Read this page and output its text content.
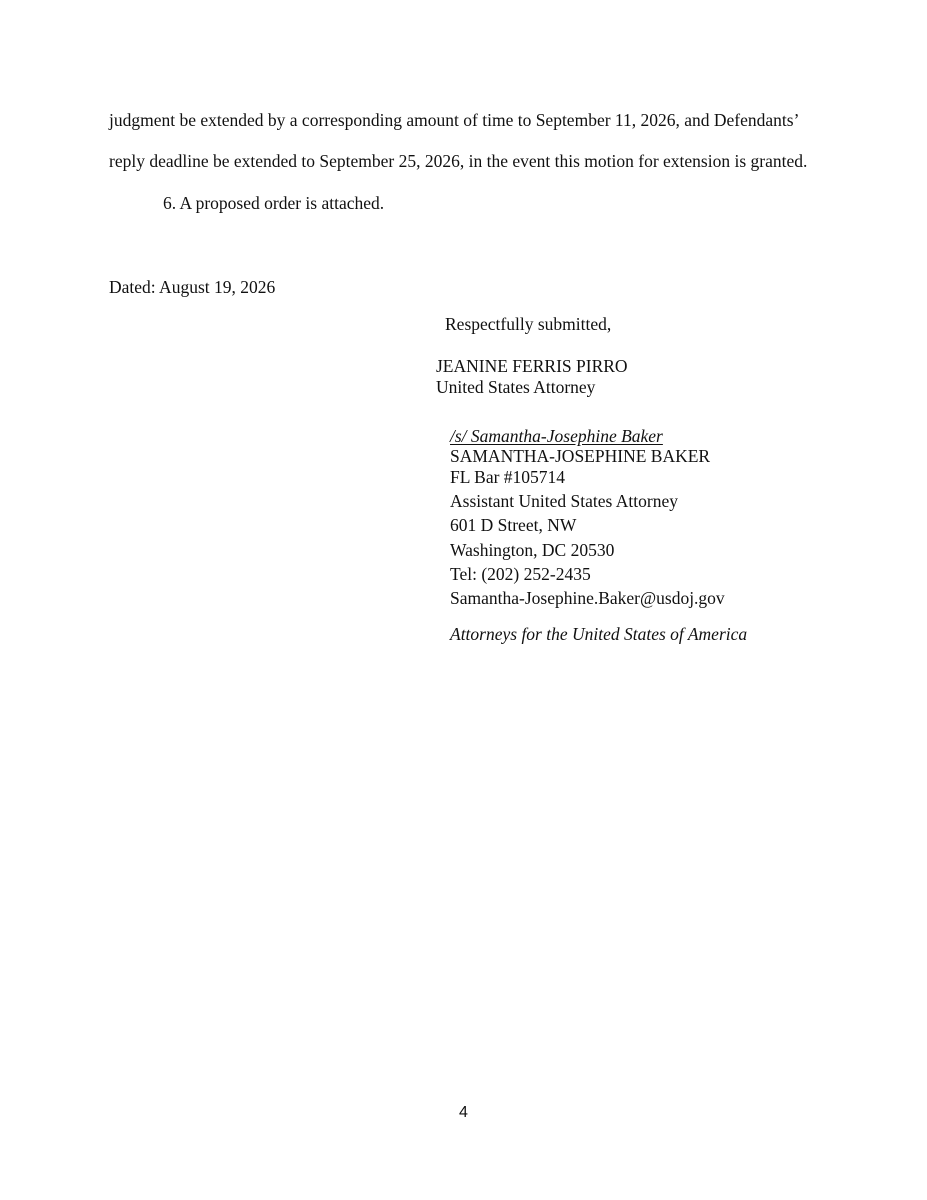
judgment be extended by a corresponding amount of time to September 11, 2026, and Defendants’
reply deadline be extended to September 25, 2026, in the event this motion for extension is granted.
6. A proposed order is attached.
Dated: August 19, 2026
Respectfully submitted,
JEANINE FERRIS PIRRO
United States Attorney
/s/ Samantha-Josephine Baker
SAMANTHA-JOSEPHINE BAKER
FL Bar #105714
Assistant United States Attorney
601 D Street, NW
Washington, DC 20530
Tel: (202) 252-2435
Samantha-Josephine.Baker@usdoj.gov
Attorneys for the United States of America
4
